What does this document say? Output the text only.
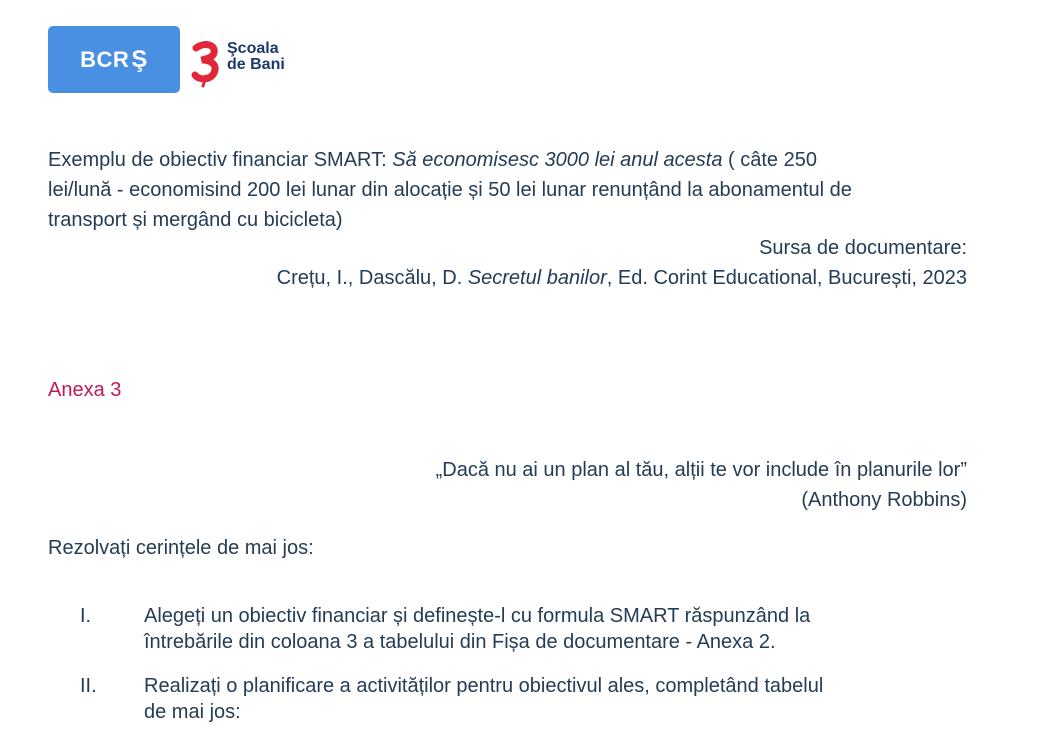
BCR Ş	Şcoala
de Bani
Exemplu de obiectiv financiar SMART: Să economisesc 3000 lei anul acesta ( câte 250
lei/lună - economisind 200 lei lunar din alocație și 50 lei lunar renunțând la abonamentul de
transport și mergând cu bicicleta)
Sursa de documentare:
Crețu, I., Dascălu, D. Secretul banilor, Ed. Corint Educational, București, 2023
Anexa 3
„Dacă nu ai un plan al tău, alții te vor include în planurile lor”
(Anthony Robbins)
Rezolvați cerințele de mai jos:
I.	Alegeți un obiectiv financiar și definește-l cu formula SMART răspunzând la
întrebările din coloana 3 a tabelului din Fișa de documentare - Anexa 2.
II. Realizați o planificare a activităților pentru obiectivul ales, completând tabelul
de mai jos:
